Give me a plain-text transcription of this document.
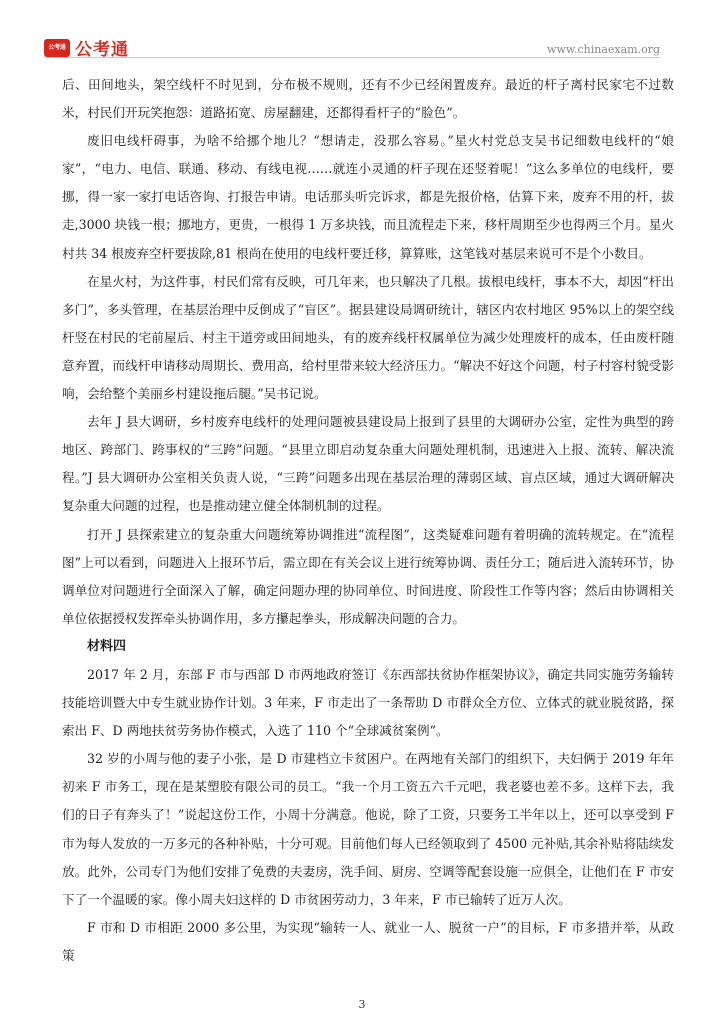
公考通 公考通	www.chinaexam.org

后、田间地头，架空线杆不时见到，分布极不规则，还有不少已经闲置废弃。最近的杆子离村民家宅不过数米，村民们开玩笑抱怨：道路拓宽、房屋翻建，还都得看杆子的“脸色”。

废旧电线杆碍事，为啥不给挪个地儿？“想请走，没那么容易。”星火村党总支吴书记细数电线杆的“娘家”，“电力、电信、联通、移动、有线电视……就连小灵通的杆子现在还竖着呢！”这么多单位的电线杆，要挪，得一家一家打电话咨询、打报告申请。电话那头听完诉求，都是先报价格，估算下来，废弃不用的杆，拔走,3000 块钱一根；挪地方，更贵，一根得 1 万多块钱，而且流程走下来，移杆周期至少也得两三个月。星火村共 34 根废弃空杆要拔除,81 根尚在使用的电线杆要迁移，算算账，这笔钱对基层来说可不是个小数目。

在星火村，为这件事，村民们常有反映，可几年来，也只解决了几根。拔根电线杆，事本不大，却因“杆出多门”，多头管理，在基层治理中反倒成了“盲区”。据县建设局调研统计，辖区内农村地区 95%以上的架空线杆竖在村民的宅前屋后、村主干道旁或田间地头，有的废弃线杆权属单位为减少处理废杆的成本，任由废杆随意弃置，而线杆申请移动周期长、费用高，给村里带来较大经济压力。“解决不好这个问题，村子村容村貌受影响，会给整个美丽乡村建设拖后腿。”吴书记说。

去年 J 县大调研，乡村废弃电线杆的处理问题被县建设局上报到了县里的大调研办公室，定性为典型的跨地区、跨部门、跨事权的“三跨”问题。“县里立即启动复杂重大问题处理机制，迅速进入上报、流转、解决流程。”J 县大调研办公室相关负责人说，“三跨”问题多出现在基层治理的薄弱区域、盲点区域，通过大调研解决复杂重大问题的过程，也是推动建立健全体制机制的过程。

打开 J 县探索建立的复杂重大问题统筹协调推进“流程图”，这类疑难问题有着明确的流转规定。在“流程图”上可以看到，问题进入上报环节后，需立即在有关会议上进行统筹协调、责任分工；随后进入流转环节，协调单位对问题进行全面深入了解，确定问题办理的协同单位、时间进度、阶段性工作等内容；然后由协调相关单位依据授权发挥牵头协调作用，多方攥起拳头，形成解决问题的合力。

材料四

2017 年 2 月，东部 F 市与西部 D 市两地政府签订《东西部扶贫协作框架协议》，确定共同实施劳务输转技能培训暨大中专生就业协作计划。3 年来，F 市走出了一条帮助 D 市群众全方位、立体式的就业脱贫路，探索出 F、D 两地扶贫劳务协作模式，入选了 110 个“全球减贫案例”。

32 岁的小周与他的妻子小张，是 D 市建档立卡贫困户。在两地有关部门的组织下，夫妇俩于 2019 年年初来 F 市务工，现在是某塑胶有限公司的员工。“我一个月工资五六千元吧，我老婆也差不多。这样下去，我们的日子有奔头了！”说起这份工作，小周十分满意。他说，除了工资，只要务工半年以上，还可以享受到 F 市为每人发放的一万多元的各种补贴，十分可观。目前他们每人已经领取到了 4500 元补贴,其余补贴将陆续发放。此外，公司专门为他们安排了免费的夫妻房，洗手间、厨房、空调等配套设施一应俱全，让他们在 F 市安下了一个温暖的家。像小周夫妇这样的 D 市贫困劳动力，3 年来，F 市已输转了近万人次。

F 市和 D 市相距 2000 多公里，为实现“输转一人、就业一人、脱贫一户”的目标，F 市多措并举，从政策

3
